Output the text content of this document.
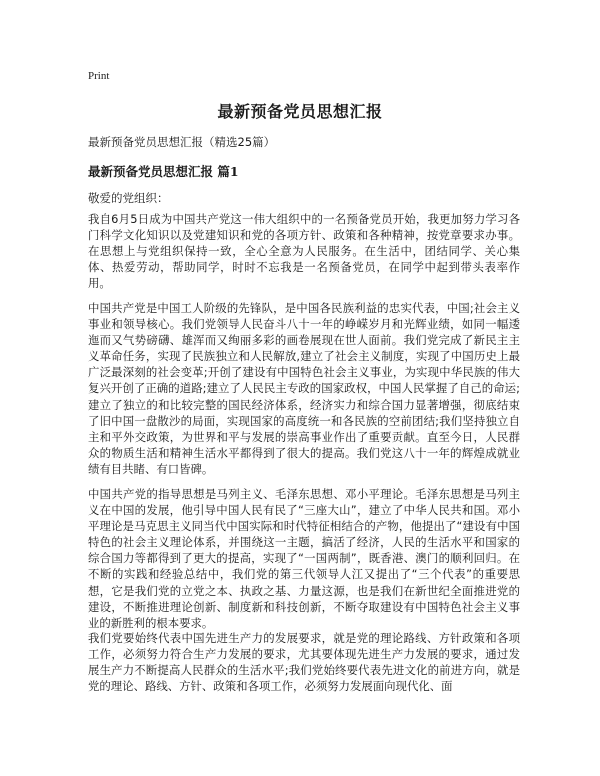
Print
最新预备党员思想汇报
最新预备党员思想汇报（精选25篇）
最新预备党员思想汇报 篇1
敬爱的党组织：

我自6月5日成为中国共产党这一伟大组织中的一名预备党员开始，我更加努力学习各门科学文化知识以及党建知识和党的各项方针、政策和各种精神，按党章要求办事。在思想上与党组织保持一致，全心全意为人民服务。在生活中，团结同学、关心集体、热爱劳动，帮助同学，时时不忘我是一名预备党员，在同学中起到带头表率作用。

中国共产党是中国工人阶级的先锋队，是中国各民族利益的忠实代表，中国;社会主义事业和领导核心。我们党领导人民奋斗八十一年的峥嵘岁月和光辉业绩，如同一幅逶迤而又气势磅礴、雄浑而又绚丽多彩的画卷展现在世人面前。我们党完成了新民主主义革命任务，实现了民族独立和人民解放,建立了社会主义制度，实现了中国历史上最广泛最深刻的社会变革;开创了建设有中国特色社会主义事业，为实现中华民族的伟大复兴开创了正确的道路;建立了人民民主专政的国家政权，中国人民掌握了自己的命运;建立了独立的和比较完整的国民经济体系，经济实力和综合国力显著增强，彻底结束了旧中国一盘散沙的局面，实现国家的高度统一和各民族的空前团结;我们坚持独立自主和平外交政策，为世界和平与发展的崇高事业作出了重要贡献。直至今日，人民群众的物质生活和精神生活水平都得到了很大的提高。我们党这八十一年的辉煌成就业绩有目共睹、有口皆碑。

中国共产党的指导思想是马列主义、毛泽东思想、邓小平理论。毛泽东思想是马列主义在中国的发展，他引导中国人民有民了“三座大山”，建立了中华人民共和国。邓小平理论是马克思主义同当代中国实际和时代特征相结合的产物，他提出了“建设有中国特色的社会主义理论体系，并围绕这一主题，搞活了经济，人民的生活水平和国家的综合国力等都得到了更大的提高，实现了“一国两制”，既香港、澳门的顺利回归。在不断的实践和经验总结中，我们党的第三代领导人江又提出了“三个代表”的重要思想，它是我们党的立党之本、执政之基、力量这源，也是我们在新世纪全面推进党的建设，不断推进理论创新、制度新和科技创新，不断夺取建设有中国特色社会主义事业的新胜利的根本要求。

我们党要始终代表中国先进生产力的发展要求，就是党的理论路线、方针政策和各项工作，必须努力符合生产力发展的要求，尤其要体现先进生产力发展的要求，通过发展生产力不断提高人民群众的生活水平;我们党始终要代表先进文化的前进方向，就是党的理论、路线、方针、政策和各项工作，必须努力发展面向现代化、面
